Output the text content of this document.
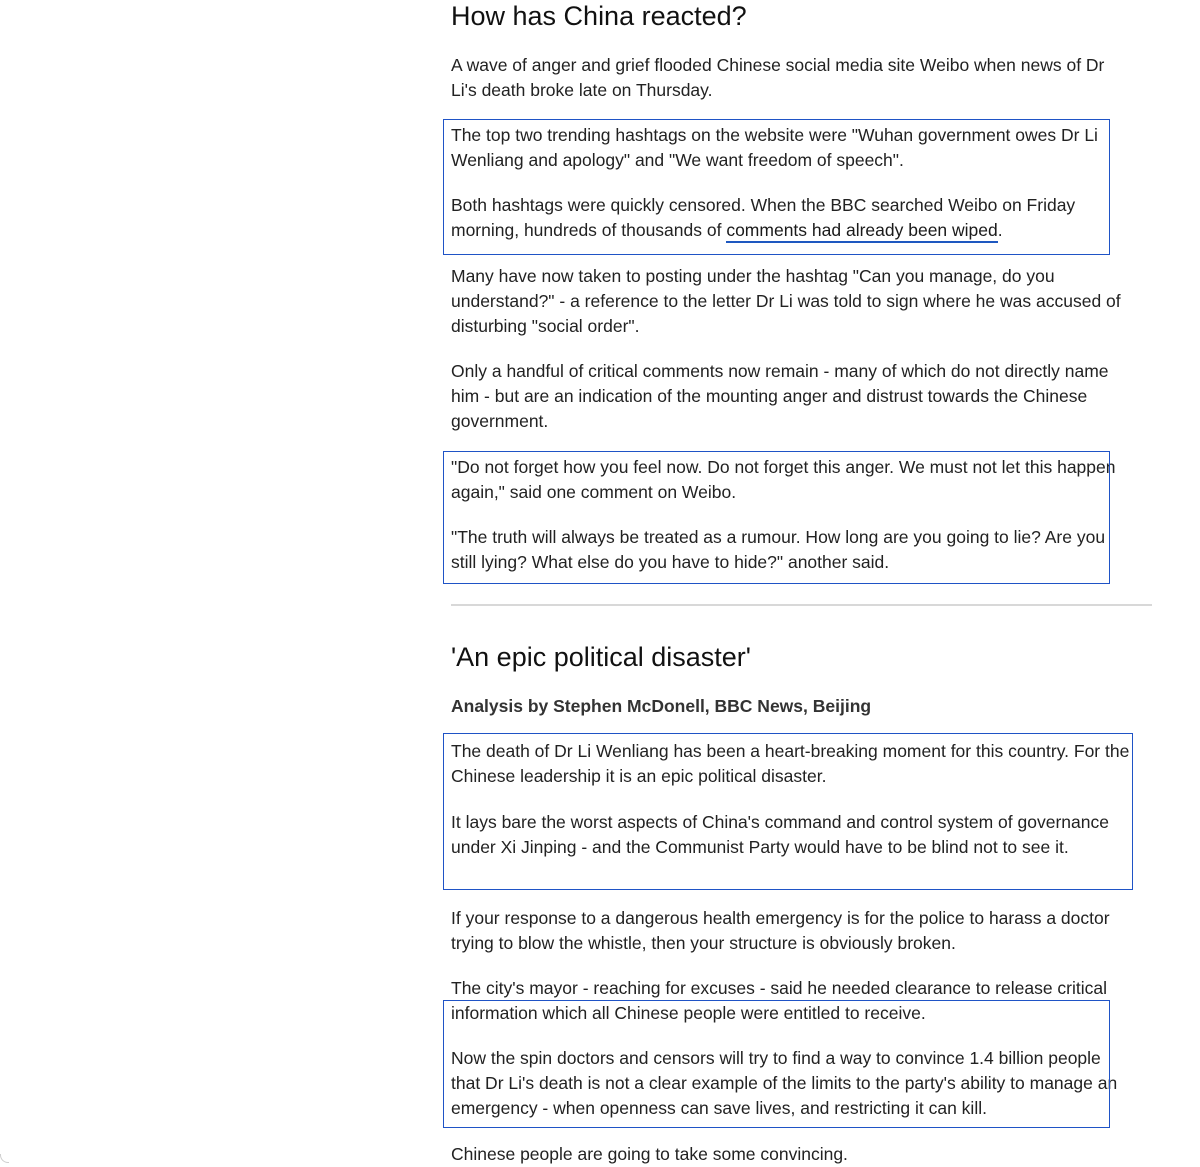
How has China reacted?

A wave of anger and grief flooded Chinese social media site Weibo when news of Dr Li's death broke late on Thursday.

The top two trending hashtags on the website were "Wuhan government owes Dr Li Wenliang and apology" and "We want freedom of speech".

Both hashtags were quickly censored. When the BBC searched Weibo on Friday morning, hundreds of thousands of comments had already been wiped.

Many have now taken to posting under the hashtag "Can you manage, do you understand?" - a reference to the letter Dr Li was told to sign where he was accused of disturbing "social order".

Only a handful of critical comments now remain - many of which do not directly name him - but are an indication of the mounting anger and distrust towards the Chinese government.

"Do not forget how you feel now. Do not forget this anger. We must not let this happen again," said one comment on Weibo.

"The truth will always be treated as a rumour. How long are you going to lie? Are you still lying? What else do you have to hide?" another said.

'An epic political disaster'

Analysis by Stephen McDonell, BBC News, Beijing

The death of Dr Li Wenliang has been a heart-breaking moment for this country. For the Chinese leadership it is an epic political disaster.

It lays bare the worst aspects of China's command and control system of governance under Xi Jinping - and the Communist Party would have to be blind not to see it.

If your response to a dangerous health emergency is for the police to harass a doctor trying to blow the whistle, then your structure is obviously broken.

The city's mayor - reaching for excuses - said he needed clearance to release critical information which all Chinese people were entitled to receive.

Now the spin doctors and censors will try to find a way to convince 1.4 billion people that Dr Li's death is not a clear example of the limits to the party's ability to manage an emergency - when openness can save lives, and restricting it can kill.

Chinese people are going to take some convincing.
